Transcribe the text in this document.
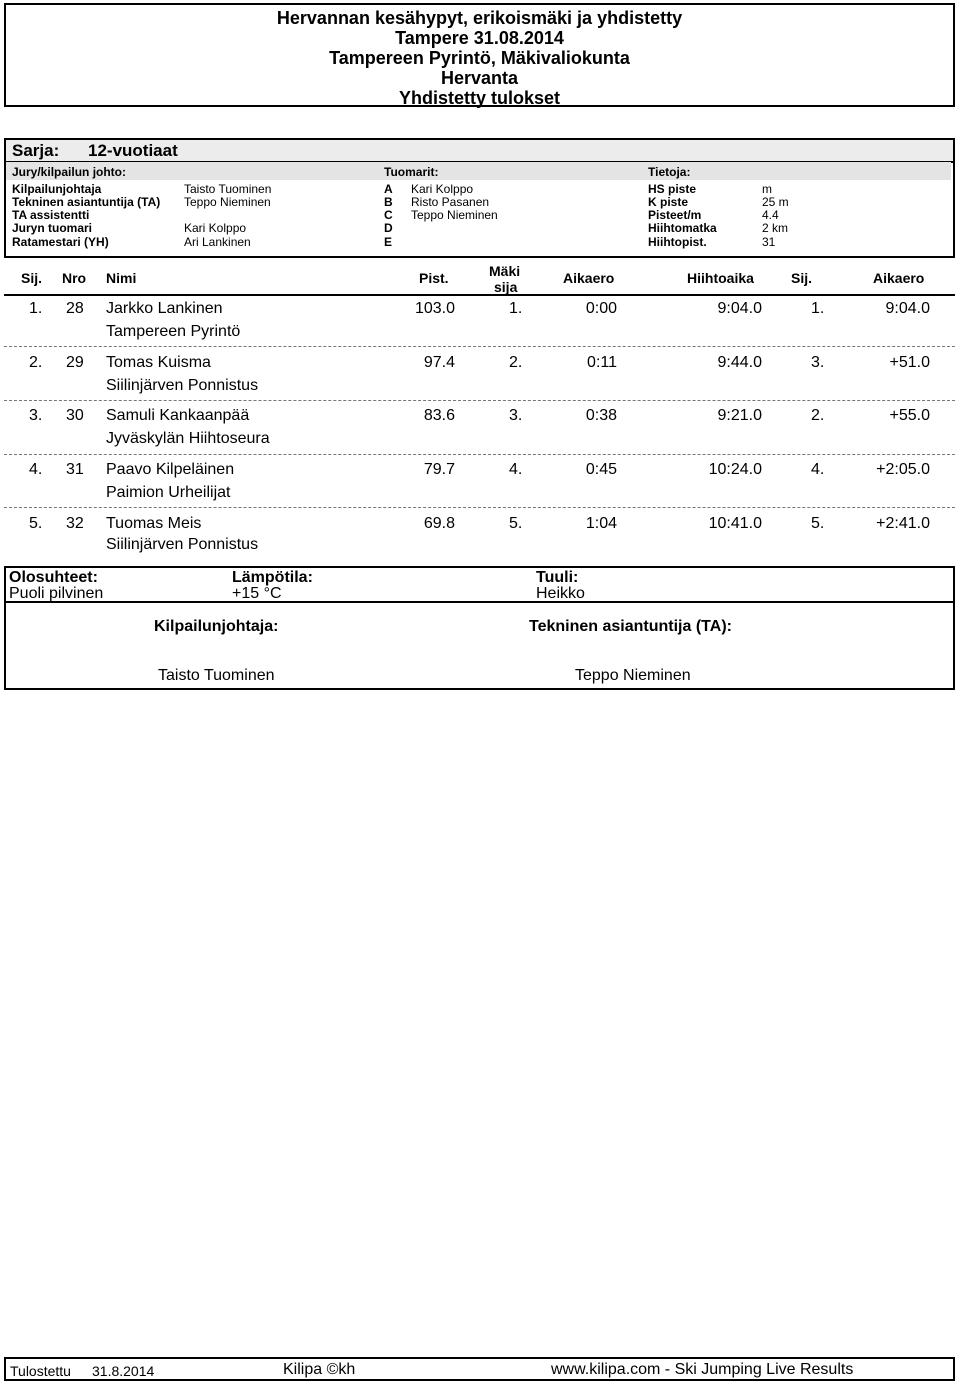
Hervannan kesähypyt, erikoismäki ja yhdistetty
Tampere 31.08.2014
Tampereen Pyrintö, Mäkivaliokunta
Hervanta
Yhdistetty tulokset
Sarja: 12-vuotiaat
Jury/kilpailun johto:	Tuomarit:	Tietoja:
Kilpailunjohtaja	Taisto Tuominen
Tekninen asiantuntija (TA) Teppo Nieminen
TA assistentti
Juryn tuomari	Kari Kolppo
Ratamestari (YH)	Ari Lankinen
A Kari Kolppo
B Risto Pasanen
C Teppo Nieminen
D
E
HS piste	m
K piste	25 m
Pisteet/m	4.4
Hiihtomatka	2 km
Hiihtopist.	31
Sij. Nro Nimi	Pist.	Mäki
sija
Aikaero	Hiihtoaika	Sij.	Aikaero
1. 28 Jarkko Lankinen
Tampereen Pyrintö
103.0	1.	0:00	9:04.0	1.	9:04.0
2. 29 Tomas Kuisma
Siilinjärven Ponnistus
97.4	2.	0:11	9:44.0	3.	+51.0
3. 30 Samuli Kankaanpää
Jyväskylän Hiihtoseura
83.6	3.	0:38	9:21.0	2.	+55.0
4. 31 Paavo Kilpeläinen
Paimion Urheilijat
79.7	4.	0:45	10:24.0	4.	+2:05.0
5. 32 Tuomas Meis
Siilinjärven Ponnistus
69.8	5.	1:04	10:41.0	5.	+2:41.0
Olosuhteet:
Puoli pilvinen
Lämpötila:
+15 °C
Tuuli:
Heikko
Kilpailunjohtaja:
Taisto Tuominen
Tekninen asiantuntija (TA):
Teppo Nieminen
Tulostettu 31.8.2014	Kilipa ©kh	www.kilipa.com - Ski Jumping Live Results
